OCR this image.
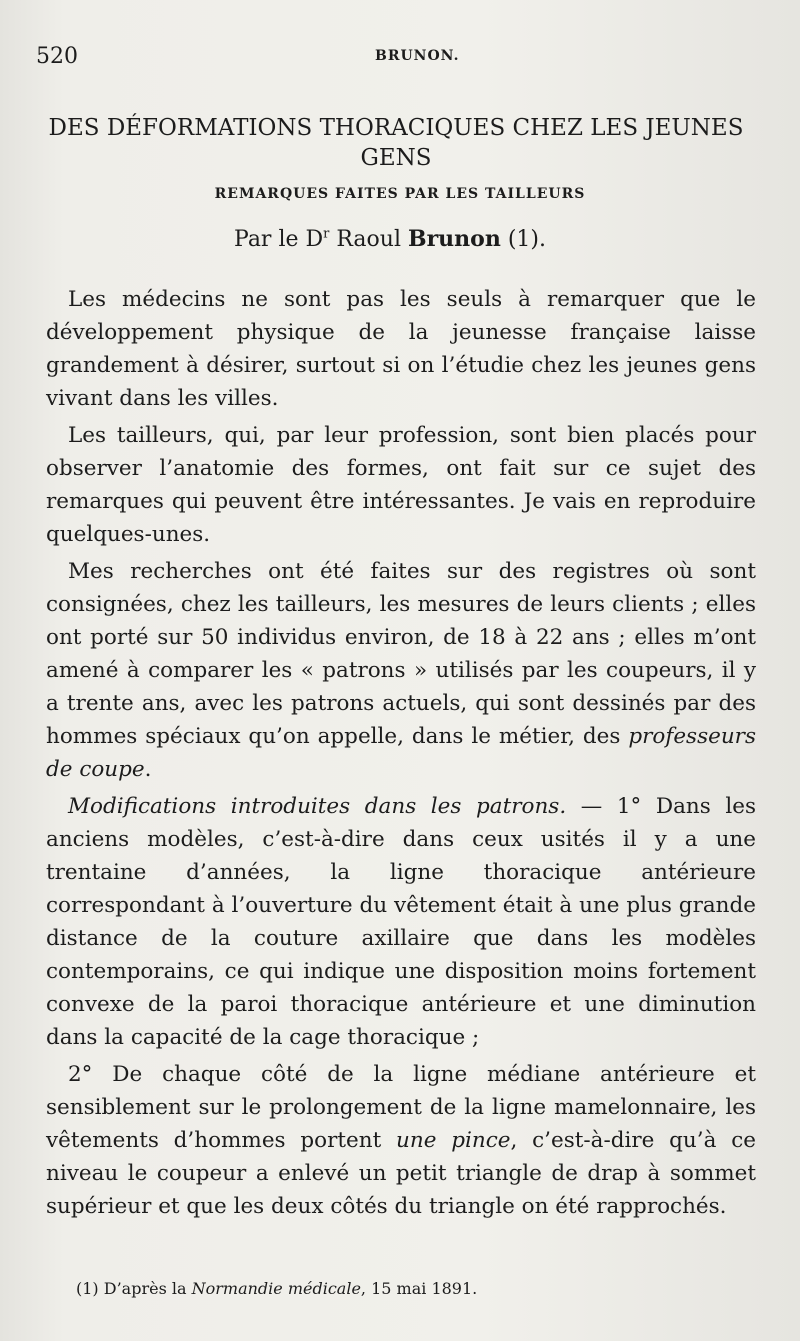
520	BRUNON.
DES DÉFORMATIONS THORACIQUES CHEZ LES JEUNES GENS
REMARQUES FAITES PAR LES TAILLEURS
Par le $D^r$ Raoul Brunon (1).

Les médecins ne sont pas les seuls à remarquer que le développement physique de la jeunesse française laisse grandement à désirer, surtout si on l’étudie chez les jeunes gens vivant dans les villes.

Les tailleurs, qui, par leur profession, sont bien placés pour observer l’anatomie des formes, ont fait sur ce sujet des remarques qui peuvent être intéressantes. Je vais en reproduire quelques-unes.

Mes recherches ont été faites sur des registres où sont consignées, chez les tailleurs, les mesures de leurs clients ; elles ont porté sur 50 individus environ, de 18 à 22 ans ; elles m’ont amené à comparer les « patrons » utilisés par les coupeurs, il y a trente ans, avec les patrons actuels, qui sont dessinés par des hommes spéciaux qu’on appelle, dans le métier, des professeurs de coupe.

Modifications introduites dans les patrons. — 1° Dans les anciens modèles, c’est-à-dire dans ceux usités il y a une trentaine d’années, la ligne thoracique antérieure correspondant à l’ouverture du vêtement était à une plus grande distance de la couture axillaire que dans les modèles contemporains, ce qui indique une disposition moins fortement convexe de la paroi thoracique antérieure et une diminution dans la capacité de la cage thoracique ;

2° De chaque côté de la ligne médiane antérieure et sensiblement sur le prolongement de la ligne mamelonnaire, les vêtements d’hommes portent une pince, c’est-à-dire qu’à ce niveau le coupeur a enlevé un petit triangle de drap à sommet supérieur et que les deux côtés du triangle on été rapprochés.

(1) D’après la Normandie médicale, 15 mai 1891.
